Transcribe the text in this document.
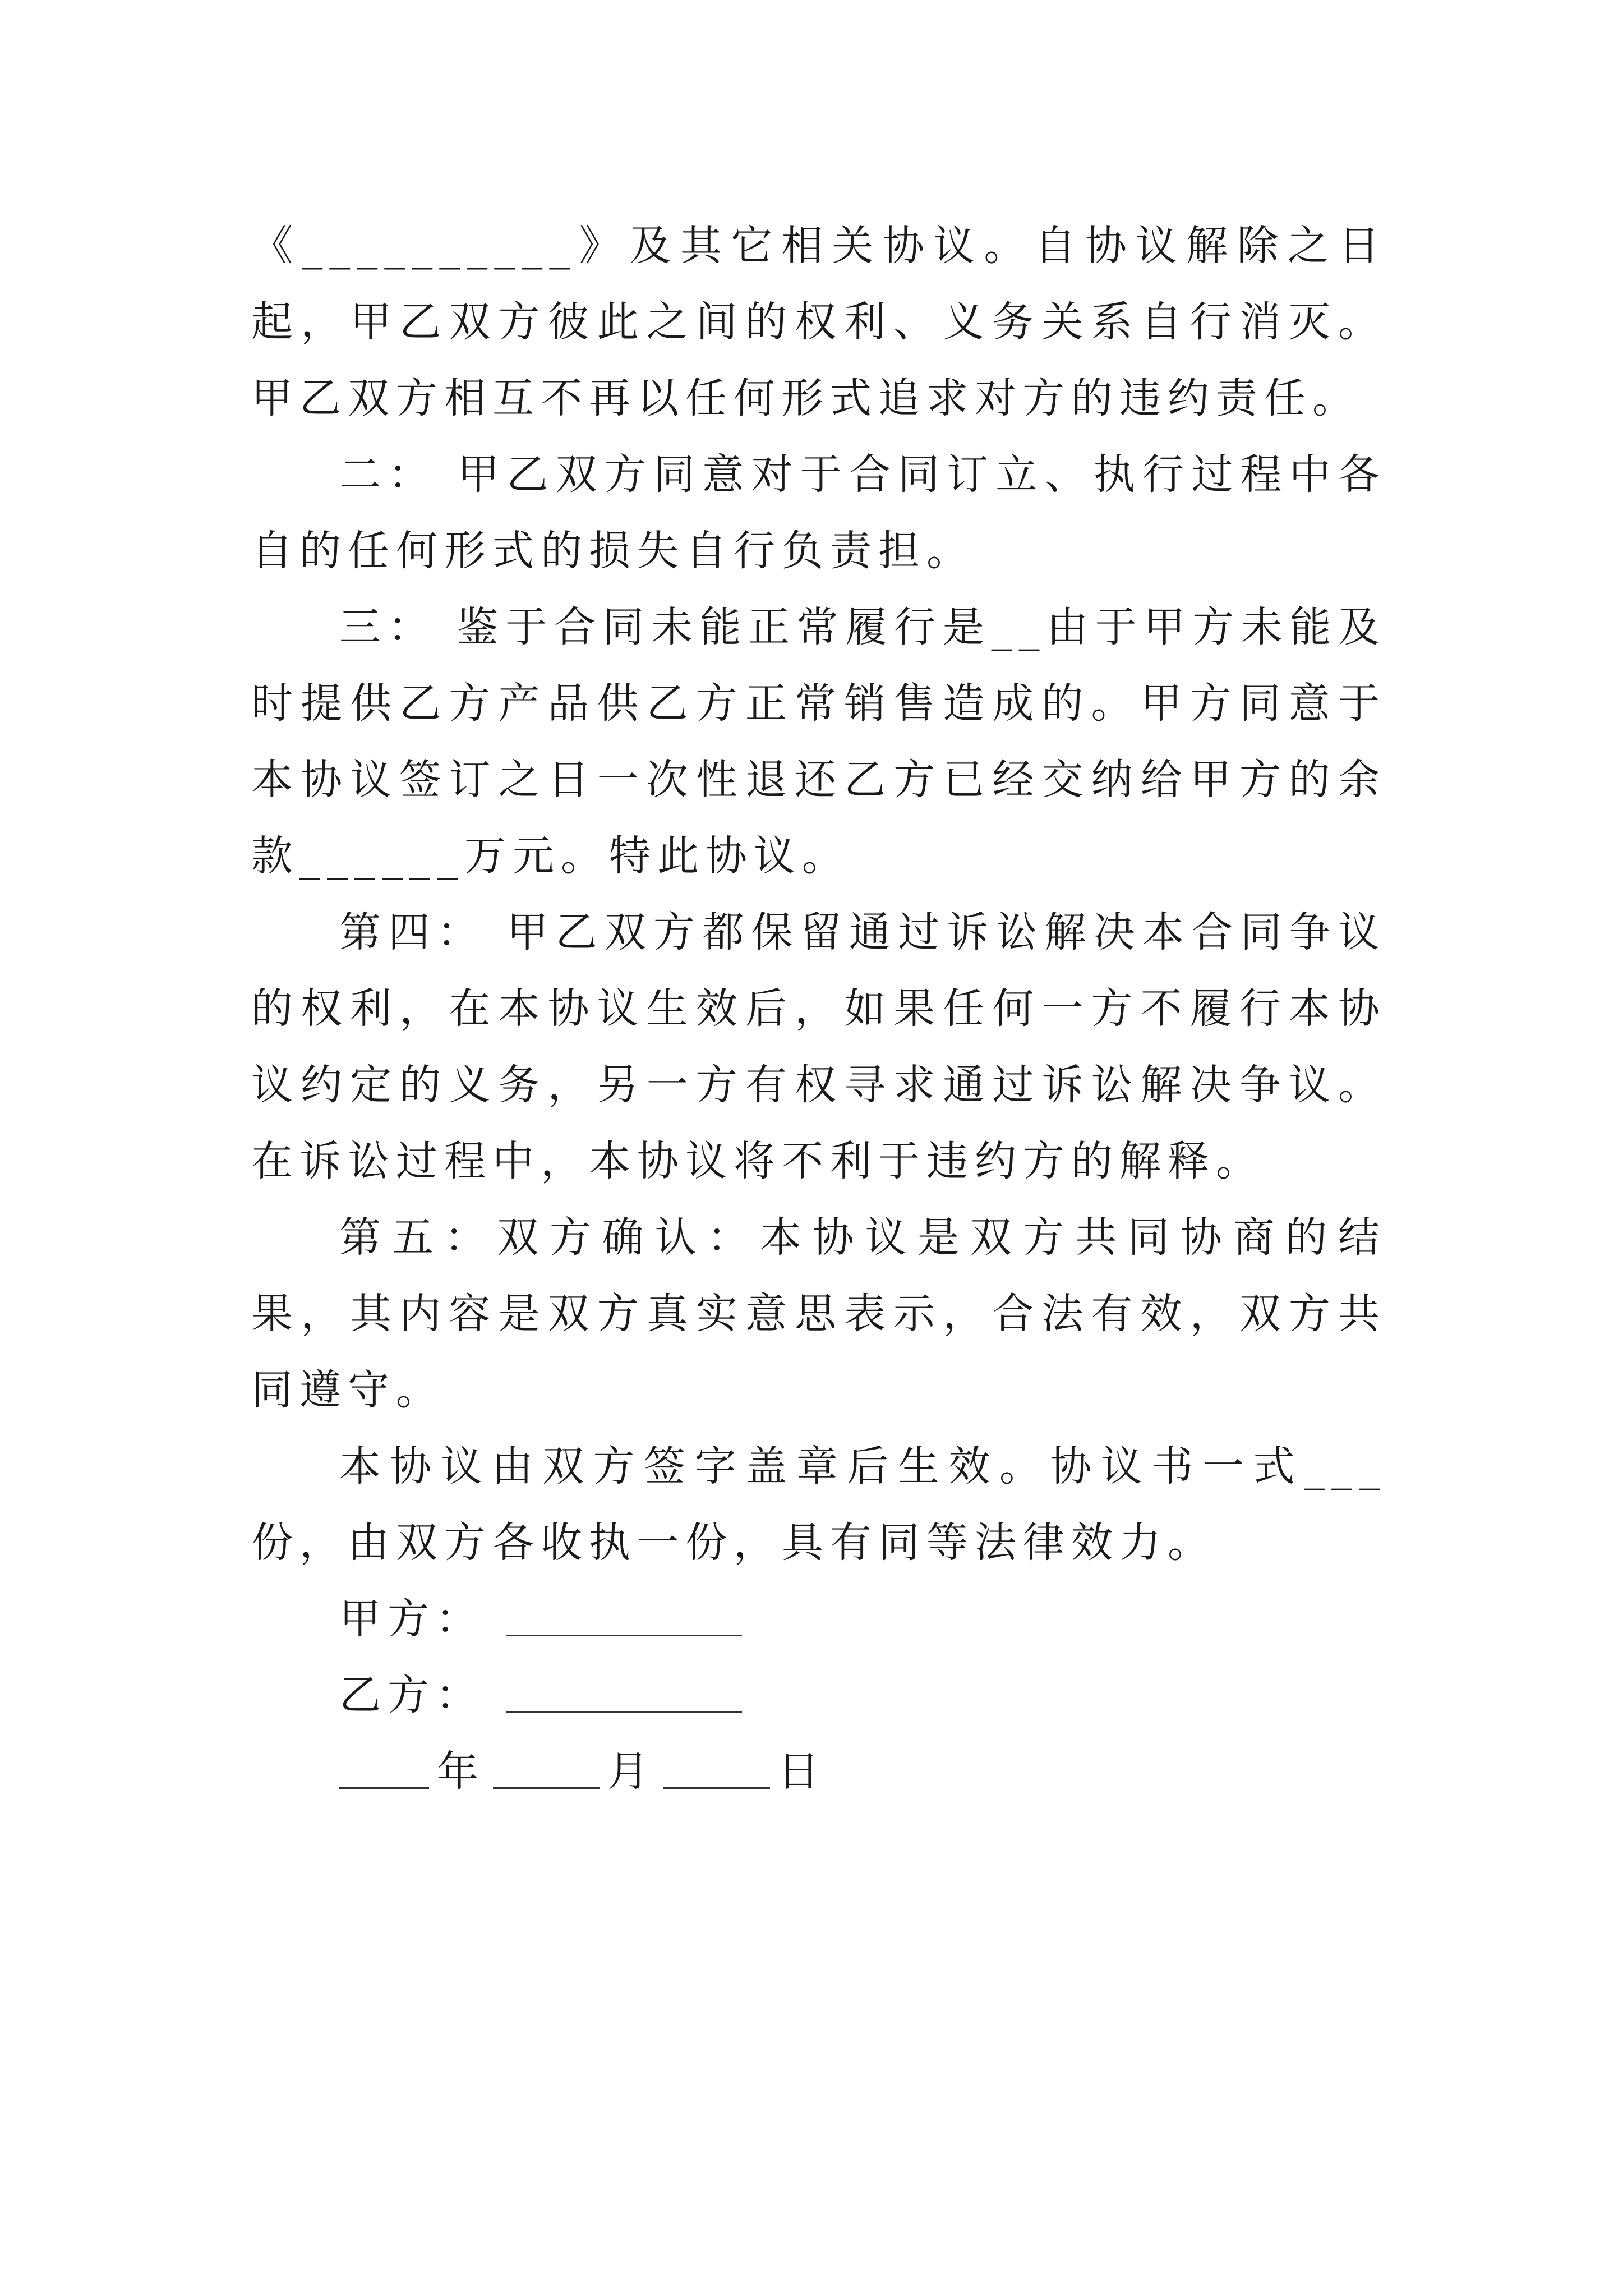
《__________》及其它相关协议。自协议解除之日起，甲乙双方彼此之间的权利、义务关系自行消灭。甲乙双方相互不再以任何形式追求对方的违约责任。

二： 甲乙双方同意对于合同订立、执行过程中各自的任何形式的损失自行负责担。

三： 鉴于合同未能正常履行是__由于甲方未能及时提供乙方产品供乙方正常销售造成的。甲方同意于本协议签订之日一次性退还乙方已经交纳给甲方的余款______万元。特此协议。

第四： 甲乙双方都保留通过诉讼解决本合同争议的权利，在本协议生效后，如果任何一方不履行本协议约定的义务，另一方有权寻求通过诉讼解决争议。在诉讼过程中，本协议将不利于违约方的解释。

第五：双方确认：本协议是双方共同协商的结果，其内容是双方真实意思表示，合法有效，双方共同遵守。

本协议由双方签字盖章后生效。协议书一式___份，由双方各收执一份，具有同等法律效力。

甲方：
乙方：
年	月	日
